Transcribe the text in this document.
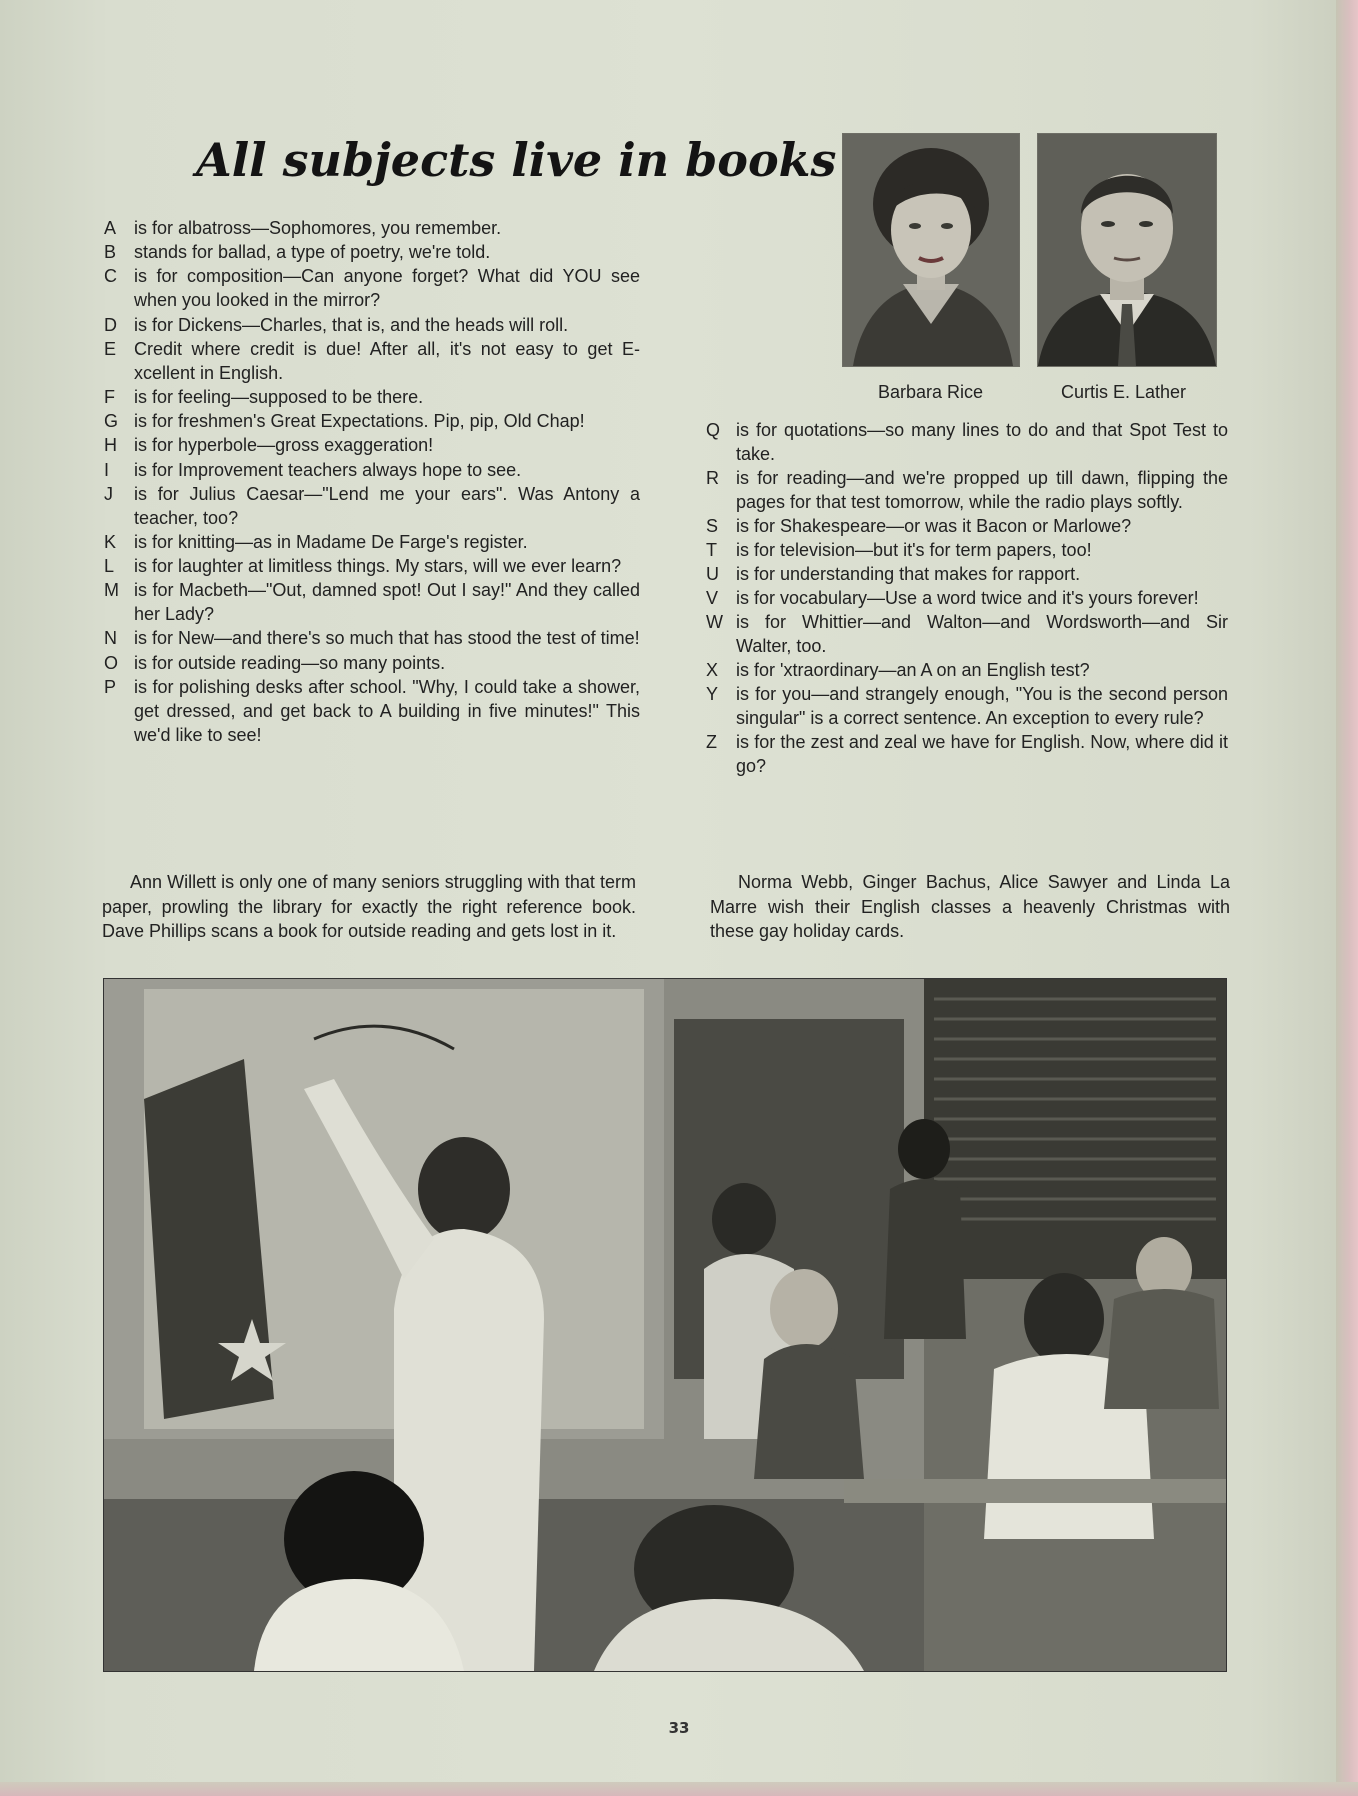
All subjects live in books
A is for albatross—Sophomores, you remember.
B stands for ballad, a type of poetry, we're told.
C is for composition—Can anyone forget? What did YOU see when you looked in the mirror?
D is for Dickens—Charles, that is, and the heads will roll.
E Credit where credit is due! After all, it's not easy to get E-xcellent in English.
F	is for feeling—supposed to be there.
G is for freshmen's Great Expectations. Pip, pip, Old Chap!
H is for hyperbole—gross exaggeration!
I	is for Improvement teachers always hope to see.
J	is for Julius Caesar—"Lend me your ears". Was Antony a teacher, too?
K is for knitting—as in Madame De Farge's register.
L	is for laughter at limitless things. My stars, will we ever learn?
M is for Macbeth—"Out, damned spot! Out I say!" And they called her Lady?
N is for New—and there's so much that has stood the test of time!
O is for outside reading—so many points.
P is for polishing desks after school. "Why, I could take a shower, get dressed, and get back to A building in five minutes!" This we'd like to see!

Barbara Rice	Curtis E. Lather

Q is for quotations—so many lines to do and that Spot Test to take.
R is for reading—and we're propped up till dawn, flipping the pages for that test tomorrow, while the radio plays softly.
S is for Shakespeare—or was it Bacon or Marlowe?
T	is for television—but it's for term papers, too!
U is for understanding that makes for rapport.
V is for vocabulary—Use a word twice and it's yours forever!
W is for Whittier—and Walton—and Wordsworth—and Sir Walter, too.
X is for 'xtraordinary—an A on an English test?
Y is for you—and strangely enough, "You is the second person singular" is a correct sentence. An exception to every rule?
Z	is for the zest and zeal we have for English. Now, where did it go?

Ann Willett is only one of many seniors struggling with that term paper, prowling the library for exactly the right reference book. Dave Phillips scans a book for outside reading and gets lost in it.

Norma Webb, Ginger Bachus, Alice Sawyer and Linda La Marre wish their English classes a heavenly Christmas with these gay holiday cards.

33
